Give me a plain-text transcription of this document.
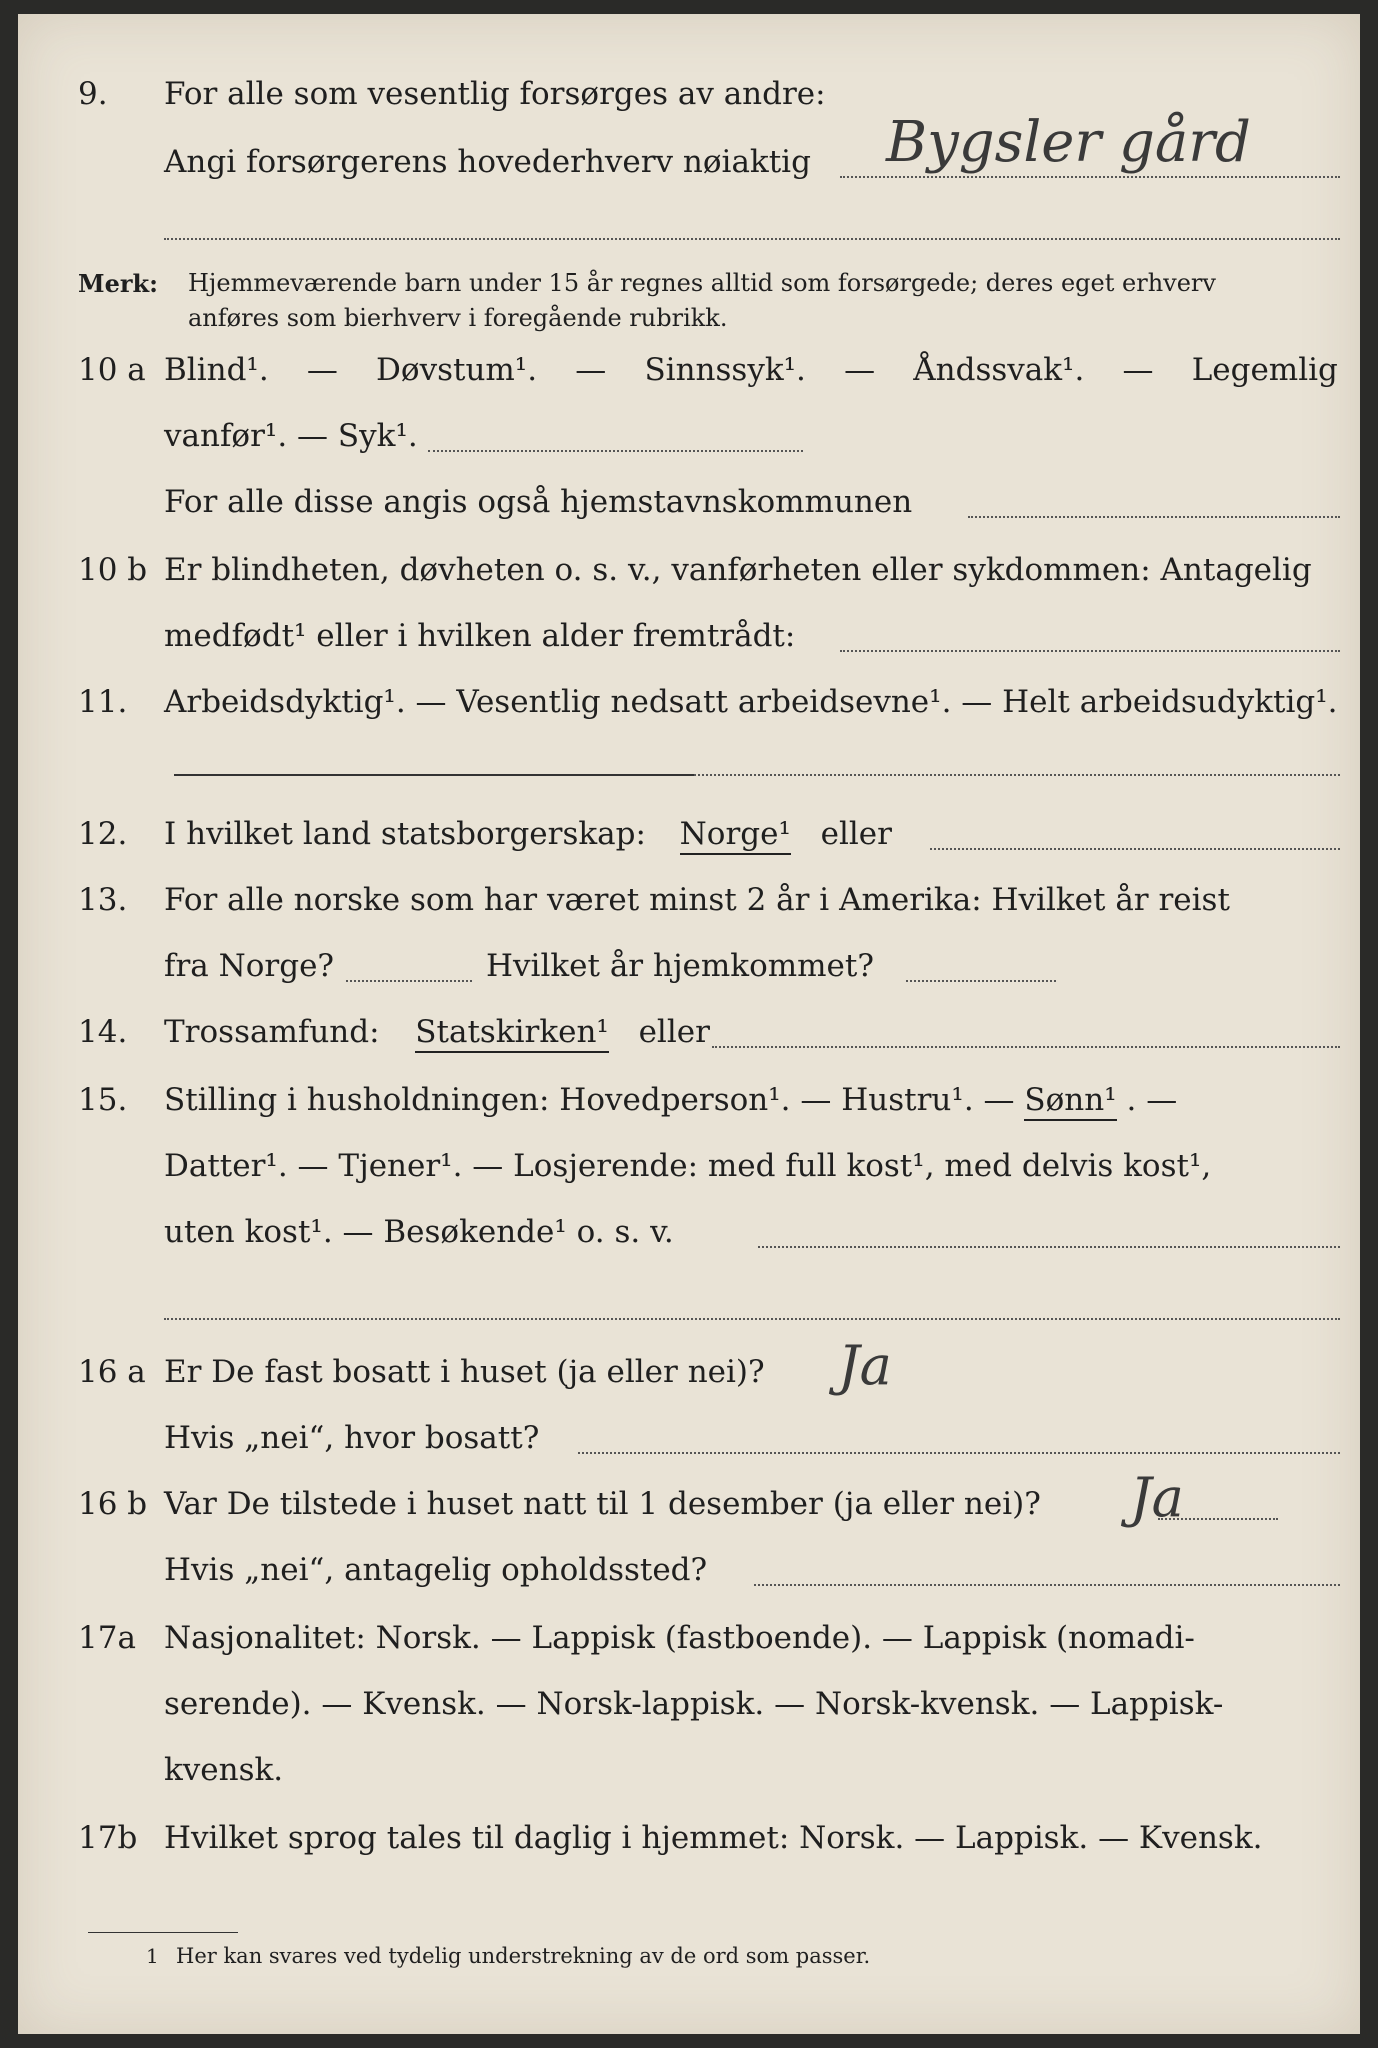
9. For alle som vesentlig forsørges av andre:
Angi forsørgerens hovederhverv nøiaktig Bygsler gård
Merk: Hjemmeværende barn under 15 år regnes alltid som forsørgede; deres eget erhverv
anføres som bierhverv i foregående rubrikk.
10 a Blind¹. — Døvstum¹. — Sinnssyk¹. — Åndssvak¹. — Legemlig
vanfør¹. — Syk¹.
For alle disse angis også hjemstavnskommunen
10 b Er blindheten, døvheten o. s. v., vanførheten eller sykdommen: Antagelig
medfødt¹ eller i hvilken alder fremtrådt:
11. Arbeidsdyktig¹. — Vesentlig nedsatt arbeidsevne¹. — Helt arbeidsudyktig¹.
12. I hvilket land statsborgerskap: Norge¹ eller
13. For alle norske som har været minst 2 år i Amerika: Hvilket år reist
fra Norge?	Hvilket år hjemkommet?
14. Trossamfund: Statskirken¹ eller
15. Stilling i husholdningen: Hovedperson¹. — Hustru¹. — Sønn¹ . —
Datter¹. — Tjener¹. — Losjerende: med full kost¹, med delvis kost¹,
uten kost¹. — Besøkende¹ o. s. v.
16 a Er De fast bosatt i huset (ja eller nei)? Ja
Hvis „nei“, hvor bosatt?
16 b Var De tilstede i huset natt til 1 desember (ja eller nei)? Ja
Hvis „nei“, antagelig opholdssted?
17a Nasjonalitet: Norsk. — Lappisk (fastboende). — Lappisk (nomadi-
serende). — Kvensk. — Norsk-lappisk. — Norsk-kvensk. — Lappisk-
kvensk.
17b Hvilket sprog tales til daglig i hjemmet: Norsk. — Lappisk. — Kvensk.
1 Her kan svares ved tydelig understrekning av de ord som passer.
